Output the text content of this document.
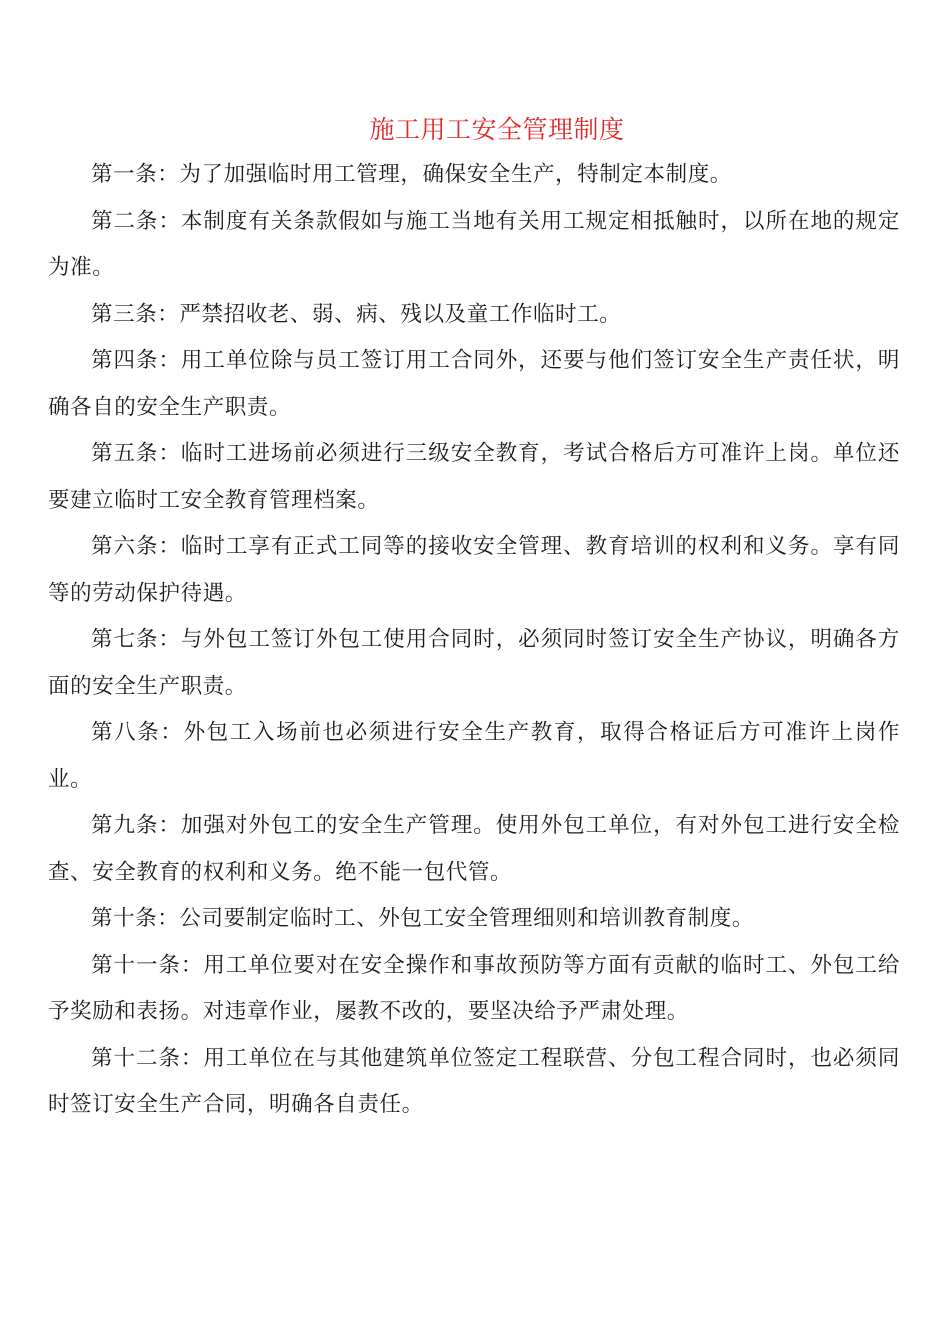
施工用工安全管理制度

第一条：为了加强临时用工管理，确保安全生产，特制定本制度。

第二条：本制度有关条款假如与施工当地有关用工规定相抵触时，以所在地的规定为准。

第三条：严禁招收老、弱、病、残以及童工作临时工。

第四条：用工单位除与员工签订用工合同外，还要与他们签订安全生产责任状，明确各自的安全生产职责。

第五条：临时工进场前必须进行三级安全教育，考试合格后方可准许上岗。单位还要建立临时工安全教育管理档案。

第六条：临时工享有正式工同等的接收安全管理、教育培训的权利和义务。享有同等的劳动保护待遇。

第七条：与外包工签订外包工使用合同时，必须同时签订安全生产协议，明确各方面的安全生产职责。

第八条：外包工入场前也必须进行安全生产教育，取得合格证后方可准许上岗作业。

第九条：加强对外包工的安全生产管理。使用外包工单位，有对外包工进行安全检查、安全教育的权利和义务。绝不能一包代管。

第十条：公司要制定临时工、外包工安全管理细则和培训教育制度。

第十一条：用工单位要对在安全操作和事故预防等方面有贡献的临时工、外包工给予奖励和表扬。对违章作业，屡教不改的，要坚决给予严肃处理。

第十二条：用工单位在与其他建筑单位签定工程联营、分包工程合同时，也必须同时签订安全生产合同，明确各自责任。
